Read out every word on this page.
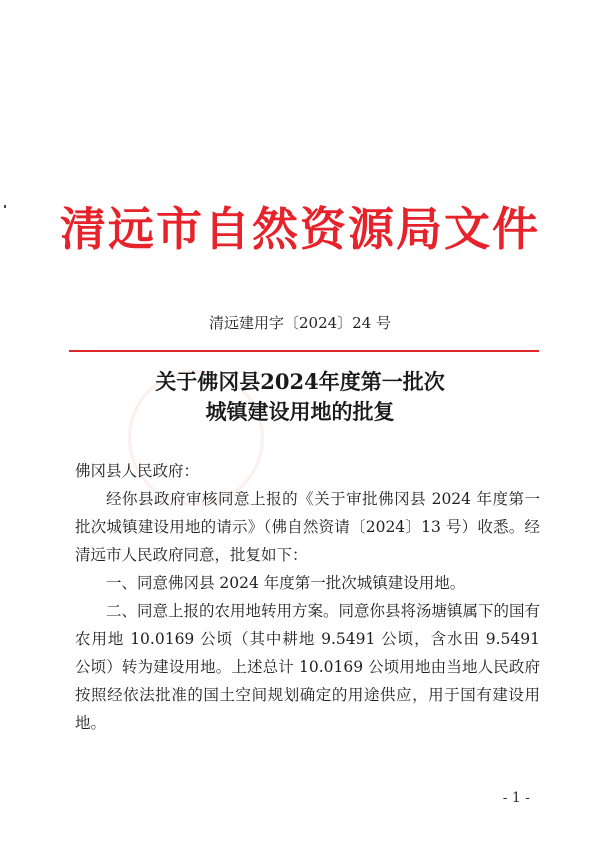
清远市自然资源局文件
清远建用字〔2024〕24 号
关于佛冈县2024年度第一批次
城镇建设用地的批复

佛冈县人民政府：

经你县政府审核同意上报的《关于审批佛冈县 2024 年度第一批次城镇建设用地的请示》（佛自然资请〔2024〕13 号）收悉。经清远市人民政府同意，批复如下：

一、同意佛冈县 2024 年度第一批次城镇建设用地。

二、同意上报的农用地转用方案。同意你县将汤塘镇属下的国有农用地 10.0169 公顷（其中耕地 9.5491 公顷，含水田 9.5491 公顷）转为建设用地。上述总计 10.0169 公顷用地由当地人民政府按照经依法批准的国土空间规划确定的用途供应，用于国有建设用地。

- 1 -
